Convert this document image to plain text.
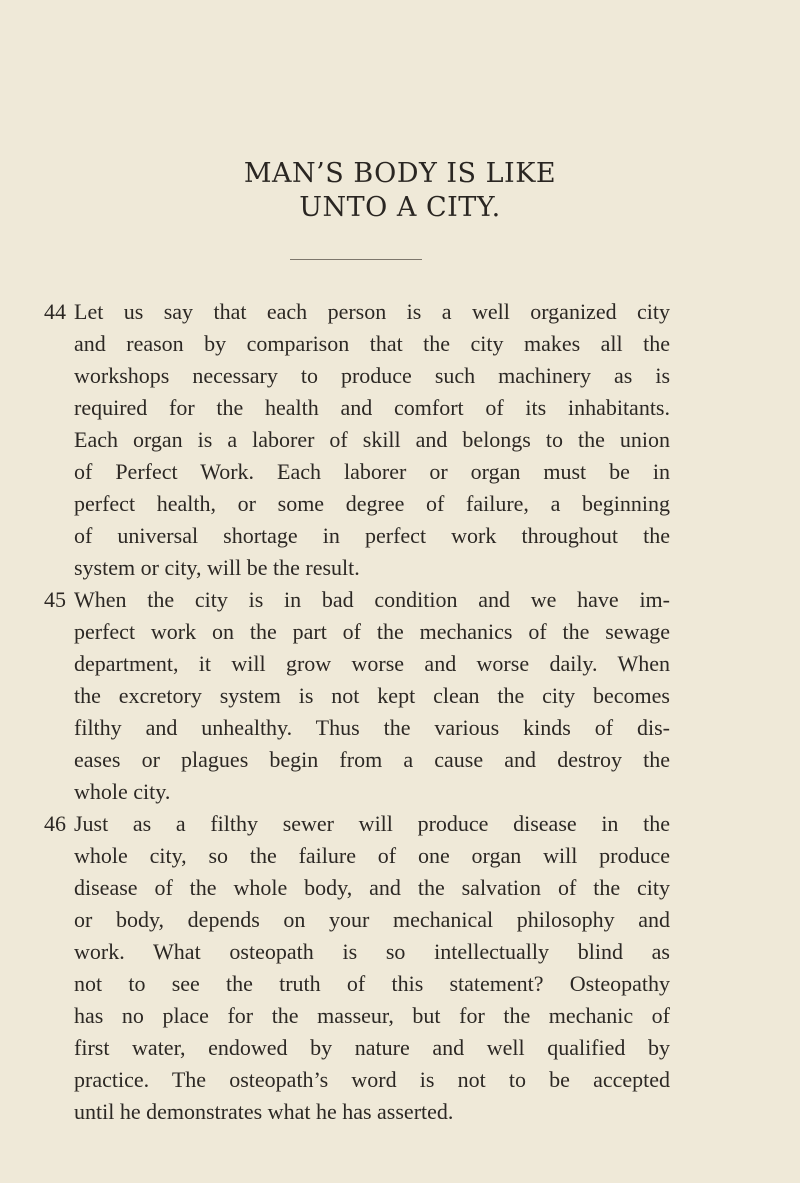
MAN’S BODY IS LIKE
UNTO A CITY.
44 Let us say that each person is a well organized city
and reason by comparison that the city makes all the
workshops necessary to produce such machinery as is
required for the health and comfort of its inhabitants.
Each organ is a laborer of skill and belongs to the union
of Perfect Work. Each laborer or organ must be in
perfect health, or some degree of failure, a beginning
of universal shortage in perfect work throughout the
system or city, will be the result.
45 When the city is in bad condition and we have im-
perfect work on the part of the mechanics of the sewage
department, it will grow worse and worse daily. When
the excretory system is not kept clean the city becomes
filthy and unhealthy. Thus the various kinds of dis-
eases or plagues begin from a cause and destroy the
whole city.
46 Just as a filthy sewer will produce disease in the
whole city, so the failure of one organ will produce
disease of the whole body, and the salvation of the city
or body, depends on your mechanical philosophy and
work. What osteopath is so intellectually blind as
not to see the truth of this statement? Osteopathy
has no place for the masseur, but for the mechanic of
first water, endowed by nature and well qualified by
practice. The osteopath’s word is not to be accepted
until he demonstrates what he has asserted.
